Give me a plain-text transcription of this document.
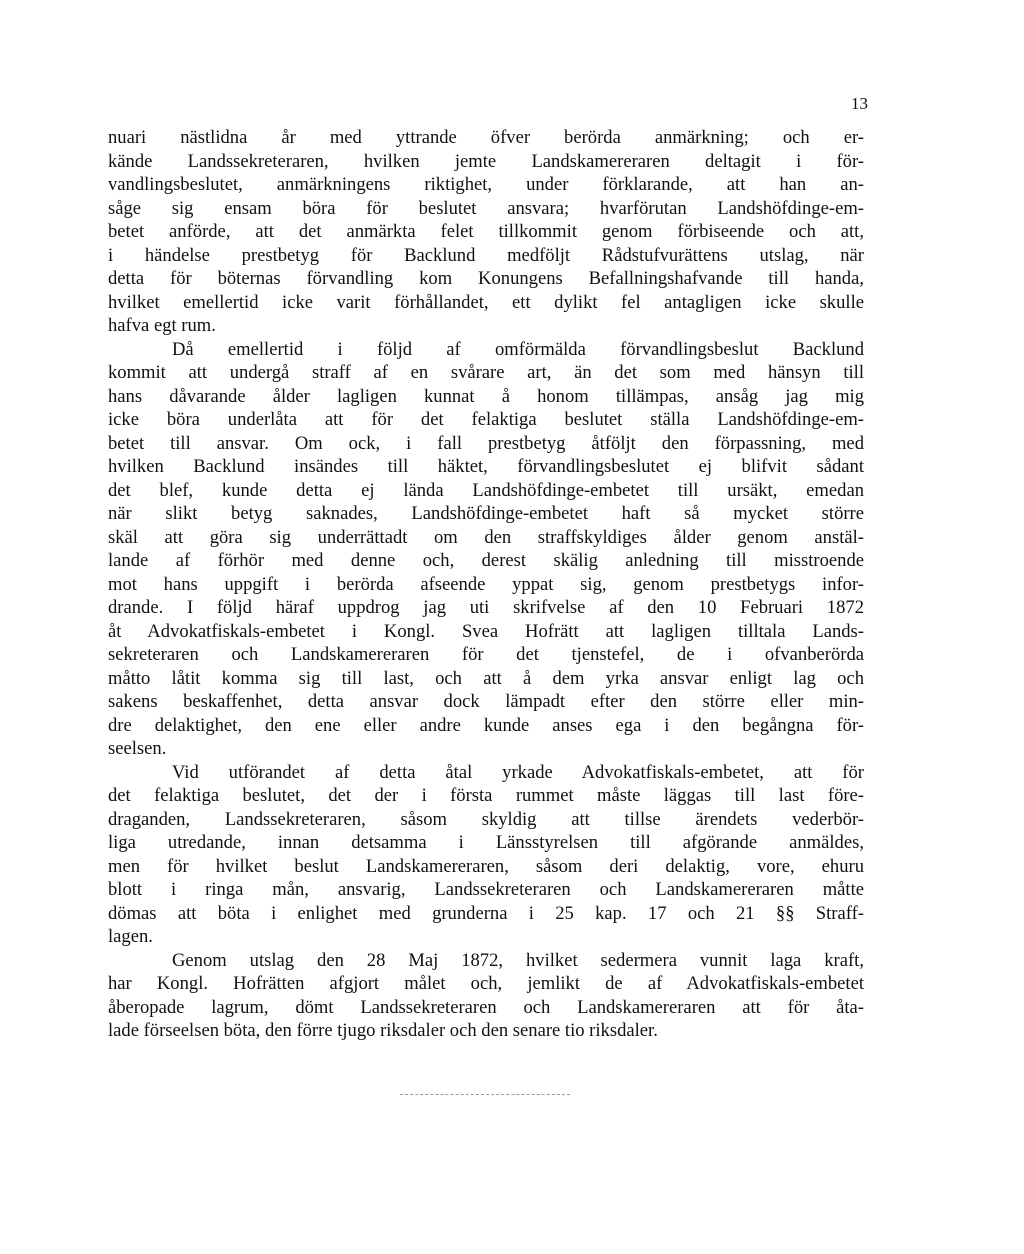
13
nuari nästlidna år med yttrande öfver berörda anmärkning; och er-
kände Landssekreteraren, hvilken jemte Landskamereraren deltagit i för-
vandlingsbeslutet, anmärkningens riktighet, under förklarande, att han an-
såge sig ensam böra för beslutet ansvara; hvarförutan Landshöfdinge-em-
betet anförde, att det anmärkta felet tillkommit genom förbiseende och att,
i händelse prestbetyg för Backlund medföljt Rådstufvurättens utslag, när
detta för böternas förvandling kom Konungens Befallningshafvande till handa,
hvilket emellertid icke varit förhållandet, ett dylikt fel antagligen icke skulle
hafva egt rum.
Då emellertid i följd af omförmälda förvandlingsbeslut Backlund
kommit att undergå straff af en svårare art, än det som med hänsyn till
hans dåvarande ålder lagligen kunnat å honom tillämpas, ansåg jag mig
icke böra underlåta att för det felaktiga beslutet ställa Landshöfdinge-em-
betet till ansvar. Om ock, i fall prestbetyg åtföljt den förpassning, med
hvilken Backlund insändes till häktet, förvandlingsbeslutet ej blifvit sådant
det blef, kunde detta ej lända Landshöfdinge-embetet till ursäkt, emedan
när slikt betyg saknades, Landshöfdinge-embetet haft så mycket större
skäl att göra sig underrättadt om den straffskyldiges ålder genom anstäl-
lande af förhör med denne och, derest skälig anledning till misstroende
mot hans uppgift i berörda afseende yppat sig, genom prestbetygs infor-
drande. I följd häraf uppdrog jag uti skrifvelse af den 10 Februari 1872
åt Advokatfiskals-embetet i Kongl. Svea Hofrätt att lagligen tilltala Lands-
sekreteraren och Landskamereraren för det tjenstefel, de i ofvanberörda
måtto låtit komma sig till last, och att å dem yrka ansvar enligt lag och
sakens beskaffenhet, detta ansvar dock lämpadt efter den större eller min-
dre delaktighet, den ene eller andre kunde anses ega i den begångna för-
seelsen.
Vid utförandet af detta åtal yrkade Advokatfiskals-embetet, att för
det felaktiga beslutet, det der i första rummet måste läggas till last före-
draganden, Landssekreteraren, såsom skyldig att tillse ärendets vederbör-
liga utredande, innan detsamma i Länsstyrelsen till afgörande anmäldes,
men för hvilket beslut Landskamereraren, såsom deri delaktig, vore, ehuru
blott i ringa mån, ansvarig, Landssekreteraren och Landskamereraren måtte
dömas att böta i enlighet med grunderna i 25 kap. 17 och 21 §§ Straff-
lagen.
Genom utslag den 28 Maj 1872, hvilket sedermera vunnit laga kraft,
har Kongl. Hofrätten afgjort målet och, jemlikt de af Advokatfiskals-embetet
åberopade lagrum, dömt Landssekreteraren och Landskamereraren att för åta-
lade förseelsen böta, den förre tjugo riksdaler och den senare tio riksdaler.
